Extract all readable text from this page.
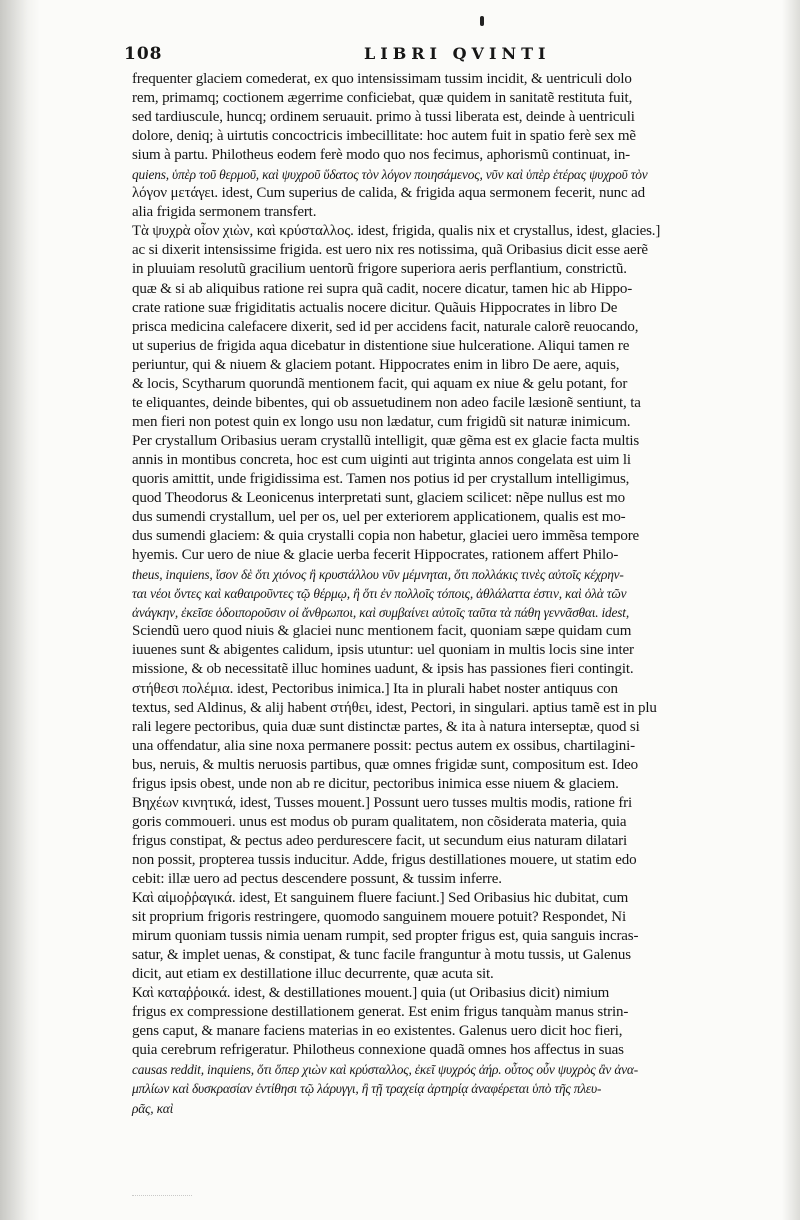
108	LIBRI QVINTI
frequenter glaciem comederat, ex quo intensissimam tussim incidit, & uentriculi dolo
rem, primamq; coctionem ægerrime conficiebat, quæ quidem in sanitatẽ restituta fuit,
sed tardiuscule, huncq; ordinem seruauit. primo à tussi liberata est, deinde à uentriculi
dolore, deniq; à uirtutis concoctricis imbecillitate: hoc autem fuit in spatio ferè sex mẽ
sium à partu. Philotheus eodem ferè modo quo nos fecimus, aphorismũ continuat, in-
quiens, ὑπὲρ τοῦ θερμοῦ, καὶ ψυχροῦ ὕδατος τὸν λόγον ποιησάμενος, νῦν καὶ ὑπὲρ ἑτέρας ψυχροῦ τὸν
λόγον μετάγει. idest, Cum superius de calida, & frigida aqua sermonem fecerit, nunc ad
alia frigida sermonem transfert.
Τὰ ψυχρὰ οἷον χιὼν, καὶ κρύσταλλος. idest, frigida, qualis nix et crystallus, idest, glacies.]
ac si dixerit intensissime frigida. est uero nix res notissima, quã Oribasius dicit esse aerẽ
in pluuiam resolutũ gracilium uentorũ frigore superiora aeris perflantium, constrictũ.
quæ & si ab aliquibus ratione rei supra quã cadit, nocere dicatur, tamen hic ab Hippo-
crate ratione suæ frigiditatis actualis nocere dicitur. Quãuis Hippocrates in libro De
prisca medicina calefacere dixerit, sed id per accidens facit, naturale calorẽ reuocando,
ut superius de frigida aqua dicebatur in distentione siue hulceratione. Aliqui tamen re
periuntur, qui & niuem & glaciem potant. Hippocrates enim in libro De aere, aquis,
& locis, Scytharum quorundã mentionem facit, qui aquam ex niue & gelu potant, for
te eliquantes, deinde bibentes, qui ob assuetudinem non adeo facile læsionẽ sentiunt, ta
men fieri non potest quin ex longo usu non lædatur, cum frigidũ sit naturæ inimicum.
Per crystallum Oribasius ueram crystallũ intelligit, quæ gẽma est ex glacie facta multis
annis in montibus concreta, hoc est cum uiginti aut triginta annos congelata est uim li
quoris amittit, unde frigidissima est. Tamen nos potius id per crystallum intelligimus,
quod Theodorus & Leonicenus interpretati sunt, glaciem scilicet: nẽpe nullus est mo
dus sumendi crystallum, uel per os, uel per exteriorem applicationem, qualis est mo-
dus sumendi glaciem: & quia crystalli copia non habetur, glaciei uero immẽsa tempore
hyemis. Cur uero de niue & glacie uerba fecerit Hippocrates, rationem affert Philo-
theus, inquiens, ἴσον δὲ ὅτι χιόνος ἢ κρυστάλλου νῦν μέμνηται, ὅτι πολλάκις τινὲς αὐτοῖς κέχρην-
ται νέοι ὄντες καὶ καθαιροῦντες τῷ θέρμῳ, ἢ ὅτι ἐν πολλοῖς τόποις, ἀθλάλαττα ἐστιν, καὶ ὁλὰ τῶν
ἀνάγκην, ἐκεῖσε ὁδοιποροῦσιν οἱ ἄνθρωποι, καὶ συμβαίνει αὐτοῖς ταῦτα τὰ πάθη γεννᾶσθαι. idest,
Sciendũ uero quod niuis & glaciei nunc mentionem facit, quoniam sæpe quidam cum
iuuenes sunt & abigentes calidum, ipsis utuntur: uel quoniam in multis locis sine inter
missione, & ob necessitatẽ illuc homines uadunt, & ipsis has passiones fieri contingit.
στήθεσι πολέμια. idest, Pectoribus inimica.] Ita in plurali habet noster antiquus con
textus, sed Aldinus, & alij habent στήθει, idest, Pectori, in singulari. aptius tamẽ est in plu
rali legere pectoribus, quia duæ sunt distinctæ partes, & ita à natura interseptæ, quod si
una offendatur, alia sine noxa permanere possit: pectus autem ex ossibus, chartilagini-
bus, neruis, & multis neruosis partibus, quæ omnes frigidæ sunt, compositum est. Ideo
frigus ipsis obest, unde non ab re dicitur, pectoribus inimica esse niuem & glaciem.
Βηχέων κινητικά, idest, Tusses mouent.] Possunt uero tusses multis modis, ratione fri
goris commoueri. unus est modus ob puram qualitatem, non cõsiderata materia, quia
frigus constipat, & pectus adeo perdurescere facit, ut secundum eius naturam dilatari
non possit, propterea tussis inducitur. Adde, frigus destillationes mouere, ut statim edo
cebit: illæ uero ad pectus descendere possunt, & tussim inferre.
Καὶ αἱμοῤῥαγικά. idest, Et sanguinem fluere faciunt.] Sed Oribasius hic dubitat, cum
sit proprium frigoris restringere, quomodo sanguinem mouere potuit? Respondet, Ni
mirum quoniam tussis nimia uenam rumpit, sed propter frigus est, quia sanguis incras-
satur, & implet uenas, & constipat, & tunc facile franguntur à motu tussis, ut Galenus
dicit, aut etiam ex destillatione illuc decurrente, quæ acuta sit.
Καὶ καταῤῥοικά. idest, & destillationes mouent.] quia (ut Oribasius dicit) nimium
frigus ex compressione destillationem generat. Est enim frigus tanquàm manus strin-
gens caput, & manare faciens materias in eo existentes. Galenus uero dicit hoc fieri,
quia cerebrum refrigeratur. Philotheus connexione quadã omnes hos affectus in suas
causas reddit, inquiens, ὅτι ὅπερ χιὼν καὶ κρύσταλλος, ἐκεῖ ψυχρός ἀήρ. οὗτος οὖν ψυχρὸς ἂν ἀνα-
μπλίων καὶ δυσκρασίαν ἐντίθησι τῷ λάρυγγι, ἢ τῇ τραχείᾳ ἀρτηρίᾳ ἀναφέρεται ὑπὸ τῆς πλευ-
ρᾶς, καὶ
